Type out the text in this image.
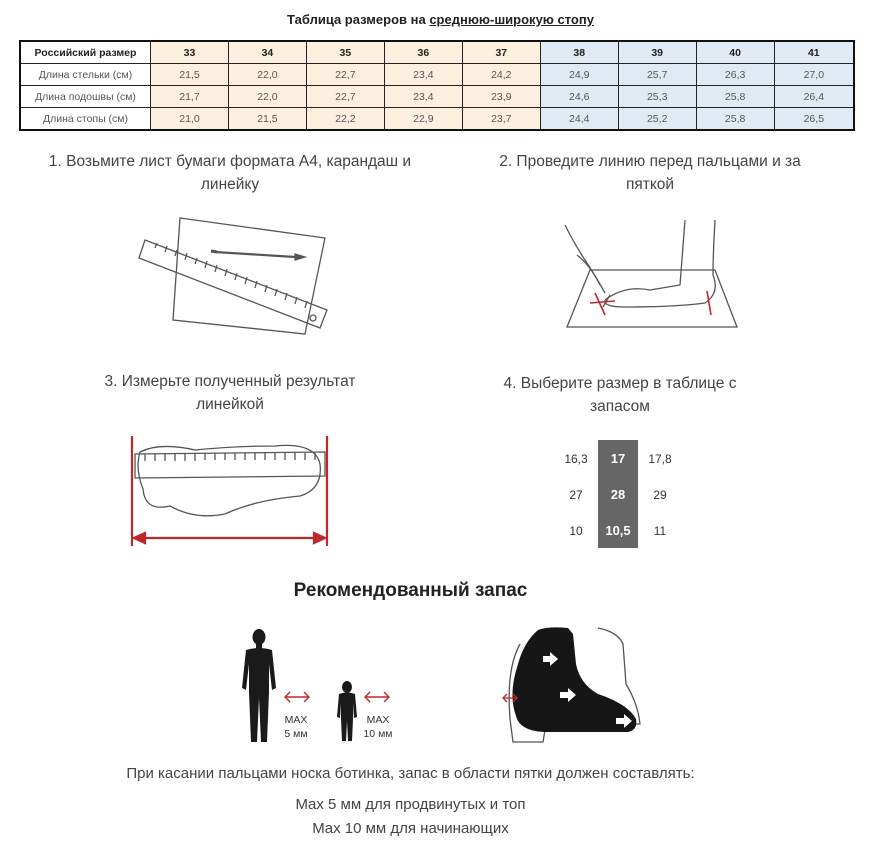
Таблица размеров на среднюю-широкую стопу
Российский размер	33	34	35	36	37	38	39	40	41
Длина стельки (см)	21,5	22,0	22,7	23,4	24,2	24,9	25,7	26,3	27,0
Длина подошвы (см)	21,7	22,0	22,7	23,4	23,9	24,6	25,3	25,8	26,4
Длина стопы (см)	21,0	21,5	22,2	22,9	23,7	24,4	25,2	25,8	26,5
1. Возьмите лист бумаги формата А4, карандаш и
линейку
2. Проведите линию перед пальцами и за
пяткой
3. Измерьте полученный результат
линейкой
4. Выберите размер в таблице с
запасом
16,3	17	17,8
27	28	29
10	10,5	11
Рекомендованный запас
MAX
5 мм
MAX
10 мм
При касании пальцами носка ботинка, запас в области пятки должен составлять:
Max 5 мм для продвинутых и топ
Max 10 мм для начинающих
